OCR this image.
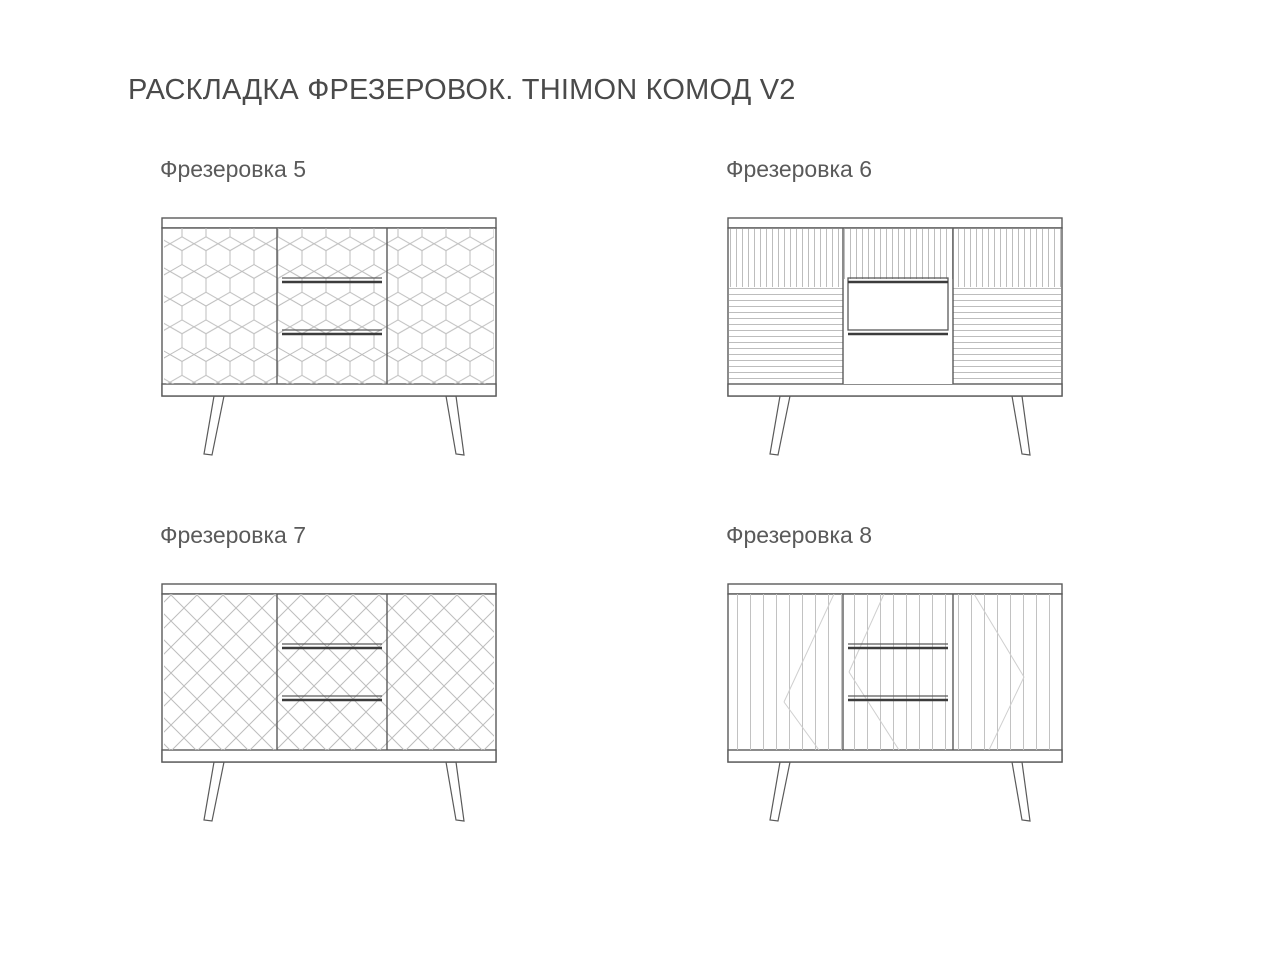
РАСКЛАДКА ФРЕЗЕРОВОК. THIMON КОМОД V2
Фрезеровка 5	Фрезеровка 6
Фрезеровка 7	Фрезеровка 8
